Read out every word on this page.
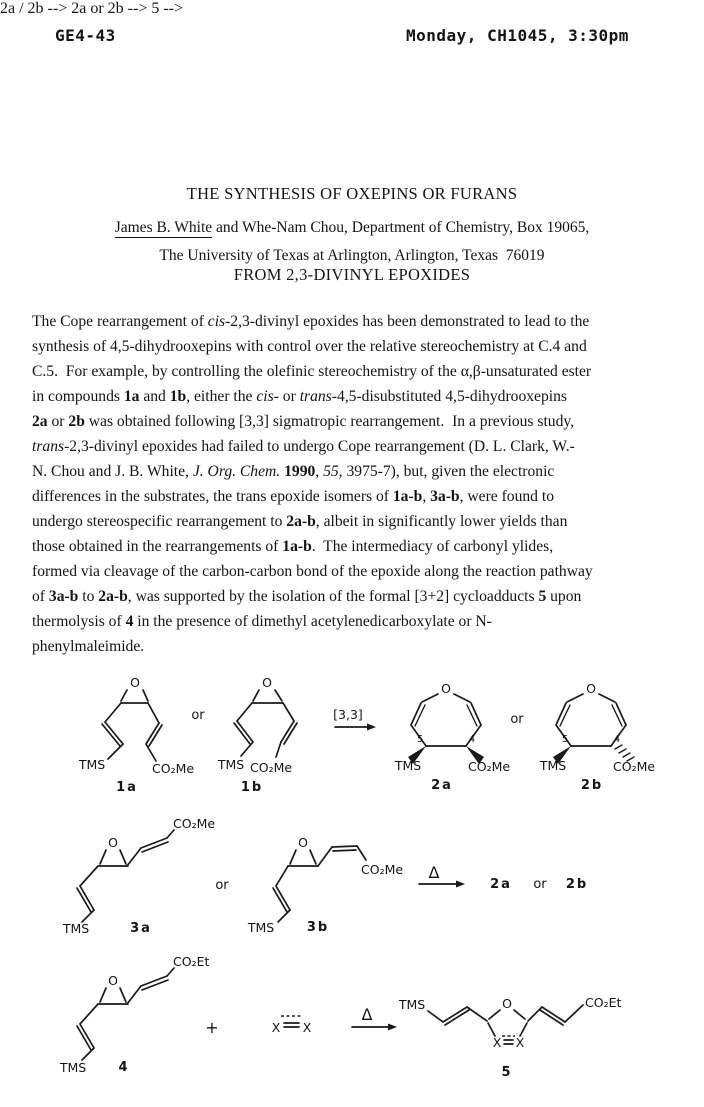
GE4-43	Monday, CH1045, 3:30pm

THE SYNTHESIS OF OXEPINS OR FURANS

FROM 2,3-DIVINYL EPOXIDES

James B. White and Whe-Nam Chou, Department of Chemistry, Box 19065,
The University of Texas at Arlington, Arlington, Texas  76019
The Cope rearrangement of cis-2,3-divinyl epoxides has been demonstrated to lead to the
synthesis of 4,5-dihydrooxepins with control over the relative stereochemistry at C.4 and
C.5.  For example, by controlling the olefinic stereochemistry of the α,β-unsaturated ester
in compounds 1a and 1b, either the cis- or trans-4,5-disubstituted 4,5-dihydrooxepins
2a or 2b was obtained following [3,3] sigmatropic rearrangement.  In a previous study,
trans-2,3-divinyl epoxides had failed to undergo Cope rearrangement (D. L. Clark, W.-
N. Chou and J. B. White, J. Org. Chem. 1990, 55, 3975-7), but, given the electronic
differences in the substrates, the trans epoxide isomers of 1a-b, 3a-b, were found to
undergo stereospecific rearrangement to 2a-b, albeit in significantly lower yields than
those obtained in the rearrangements of 1a-b.  The intermediacy of carbonyl ylides,
formed via cleavage of the carbon-carbon bond of the epoxide along the reaction pathway
of 3a-b to 2a-b, was supported by the isolation of the formal [3+2] cycloadducts 5 upon
thermolysis of 4 in the presence of dimethyl acetylenedicarboxylate or N-
phenylmaleimide.
2a / 2b -->
O
TMS	CO₂Me
1a
or
O
TMS CO₂Me
1b
[3,3]
O
5	4
TMS	CO₂Me
2a
or
O
5	4
TMS	CO₂Me
2b
2a or 2b -->
O
CO₂Me
TMS	3a
or
O
CO₂Me
TMS	3b
Δ
2a or 2b
5 -->
O
CO₂Et
TMS 4
+	X X
Δ
TMS	O
X X
CO₂Et
5
